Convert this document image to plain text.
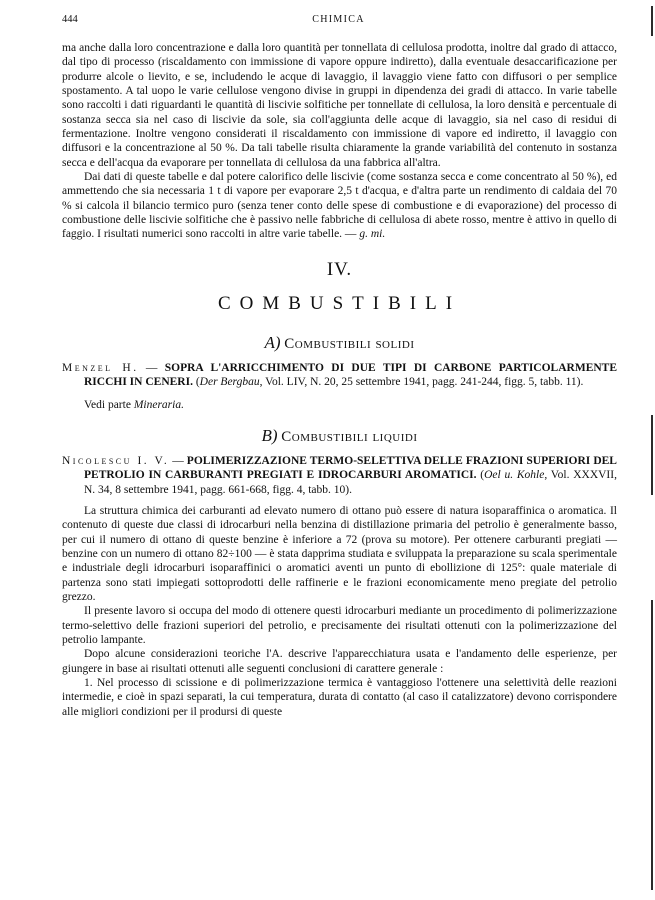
444	CHIMICA

ma anche dalla loro concentrazione e dalla loro quantità per tonnellata di cellulosa prodotta, inoltre dal grado di attacco, dal tipo di processo (riscaldamento con immissione di vapore oppure indiretto), dalla eventuale desaccarificazione per produrre alcole o lievito, e se, includendo le acque di lavaggio, il lavaggio viene fatto con diffusori o per semplice spostamento. A tal uopo le varie cellulose vengono divise in gruppi in dipendenza dei gradi di attacco. In varie tabelle sono raccolti i dati riguardanti le quantità di liscivie solfitiche per tonnellate di cellulosa, la loro densità e percentuale di sostanza secca sia nel caso di liscivie da sole, sia coll'aggiunta delle acque di lavaggio, sia nel caso di residui di fermentazione. Inoltre vengono considerati il riscaldamento con immissione di vapore ed indiretto, il lavaggio con diffusori e la concentrazione al 50 %. Da tali tabelle risulta chiaramente la grande variabilità del contenuto in sostanza secca e dell'acqua da evaporare per tonnellata di cellulosa da una fabbrica all'altra.

Dai dati di queste tabelle e dal potere calorifico delle liscivie (come sostanza secca e come concentrato al 50 %), ed ammettendo che sia necessaria 1 t di vapore per evaporare 2,5 t d'acqua, e d'altra parte un rendimento di caldaia del 70 % si calcola il bilancio termico puro (senza tener conto delle spese di combustione e di evaporazione) del processo di combustione delle liscivie solfitiche che è passivo nelle fabbriche di cellulosa di abete rosso, mentre è attivo in quello di faggio. I risultati numerici sono raccolti in altre varie tabelle. — g. mi.

IV.
COMBUSTIBILI
A) Combustibili solidi

Menzel H. — SOPRA L'ARRICCHIMENTO DI DUE TIPI DI CARBONE PARTICOLARMENTE RICCHI IN CENERI. (Der Bergbau, Vol. LIV, N. 20, 25 settembre 1941, pagg. 241-244, figg. 5, tabb. 11).

Vedi parte Mineraria.

B) Combustibili liquidi

Nicolescu I. V. — POLIMERIZZAZIONE TERMO-SELETTIVA DELLE FRAZIONI SUPERIORI DEL PETROLIO IN CARBURANTI PREGIATI E IDROCARBURI AROMATICI. (Oel u. Kohle, Vol. XXXVII, N. 34, 8 settembre 1941, pagg. 661-668, figg. 4, tabb. 10).

La struttura chimica dei carburanti ad elevato numero di ottano può essere di natura isoparaffinica o aromatica. Il contenuto di queste due classi di idrocarburi nella benzina di distillazione primaria del petrolio è generalmente basso, per cui il numero di ottano di queste benzine è inferiore a 72 (prova su motore). Per ottenere carburanti pregiati — benzine con un numero di ottano 82÷100 — è stata dapprima studiata e sviluppata la preparazione su scala sperimentale e industriale degli idrocarburi isoparaffinici o aromatici aventi un punto di ebollizione di 125°: quale materiale di partenza sono stati impiegati sottoprodotti delle raffinerie e le frazioni economicamente meno pregiate del petrolio grezzo.

Il presente lavoro si occupa del modo di ottenere questi idrocarburi mediante un procedimento di polimerizzazione termo-selettivo delle frazioni superiori del petrolio, e precisamente dei risultati ottenuti con la polimerizzazione del petrolio lampante.

Dopo alcune considerazioni teoriche l'A. descrive l'apparecchiatura usata e l'andamento delle esperienze, per giungere in base ai risultati ottenuti alle seguenti conclusioni di carattere generale :

1. Nel processo di scissione e di polimerizzazione termica è vantaggioso l'ottenere una selettività delle reazioni intermedie, e cioè in spazi separati, la cui temperatura, durata di contatto (al caso il catalizzatore) devono corrispondere alle migliori condizioni per il prodursi di queste
